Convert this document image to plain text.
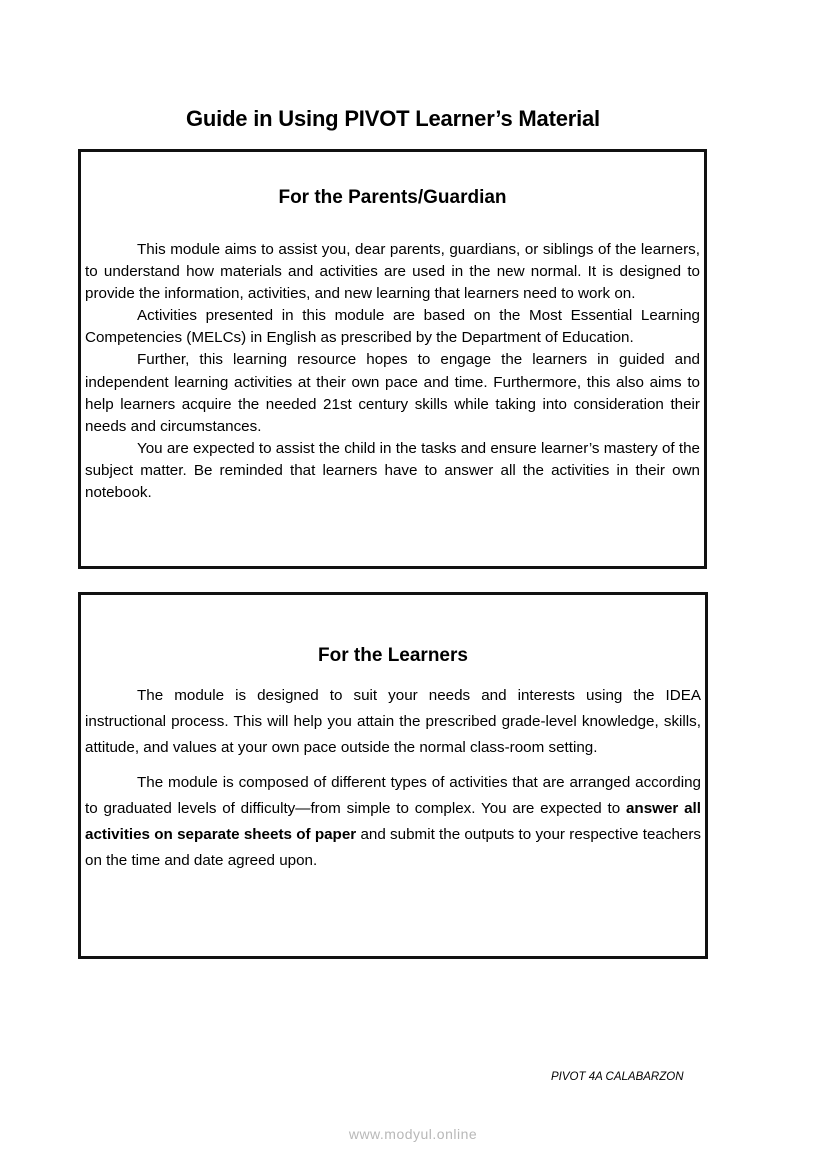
Guide in Using PIVOT Learner’s Material
For the Parents/Guardian

This module aims to assist you, dear parents, guardians, or siblings of the learners, to understand how materials and activities are used in the new normal. It is designed to provide the information, activities, and new learning that learners need to work on.

Activities presented in this module are based on the Most Essential Learning Competencies (MELCs) in English as prescribed by the Department of Education.

Further, this learning resource hopes to engage the learners in guided and independent learning activities at their own pace and time. Furthermore, this also aims to help learners acquire the needed 21st century skills while taking into consideration their needs and circumstances.

You are expected to assist the child in the tasks and ensure learner’s mastery of the subject matter. Be reminded that learners have to answer all the activities in their own notebook.

For the Learners

The module is designed to suit your needs and interests using the IDEA instructional process. This will help you attain the prescribed grade-level knowledge, skills, attitude, and values at your own pace outside the normal class-room setting.

The module is composed of different types of activities that are arranged according to graduated levels of difficulty—from simple to complex. You are expected to answer all activities on separate sheets of paper and submit the outputs to your respective teachers on the time and date agreed upon.

PIVOT 4A CALABARZON
www.modyul.online
